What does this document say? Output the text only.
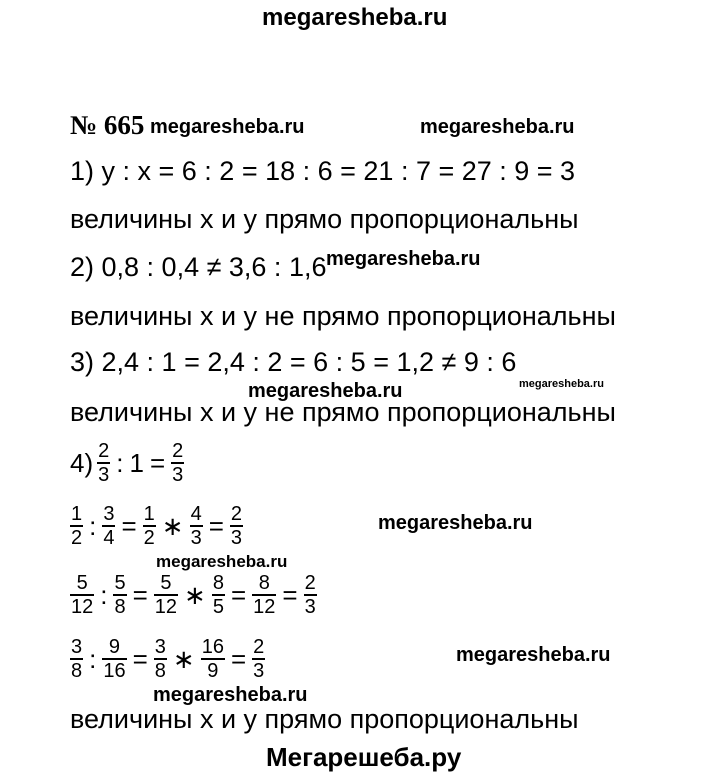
megaresheba.ru
№ 665 megaresheba.ru	megaresheba.ru
1) y : x = 6 : 2 = 18 : 6 = 21 : 7 = 27 : 9 = 3
величины х и у прямо пропорциональны
2) 0,8 : 0,4 ≠ 3,6 : 1,6 megaresheba.ru
величины х и у не прямо пропорциональны
3) 2,4 : 1 = 2,4 : 2 = 6 : 5 = 1,2 ≠ 9 : 6
megaresheba.ru	megaresheba.ru
величины х и у не прямо пропорциональны
$4) \frac{2}{3}$ : $1 = \frac{2}{3}$
$\frac{1}{2}$ : $\frac{3}{4} = \frac{1}{2}$ ∗ $\frac{4}{3} = \frac{2}{3}$	megaresheba.ru
megaresheba.ru
$\frac{5}{12}$ : $\frac{5}{8} = \frac{5}{12}$ ∗ $\frac{8}{5} = \frac{8}{12} = \frac{2}{3}$
$\frac{3}{8}$ : $\frac{9}{16} = \frac{3}{8}$ ∗ $\frac{16}{9} = \frac{2}{3}$	megaresheba.ru
megaresheba.ru
величины х и у прямо пропорциональны
Мегарешеба.ру
